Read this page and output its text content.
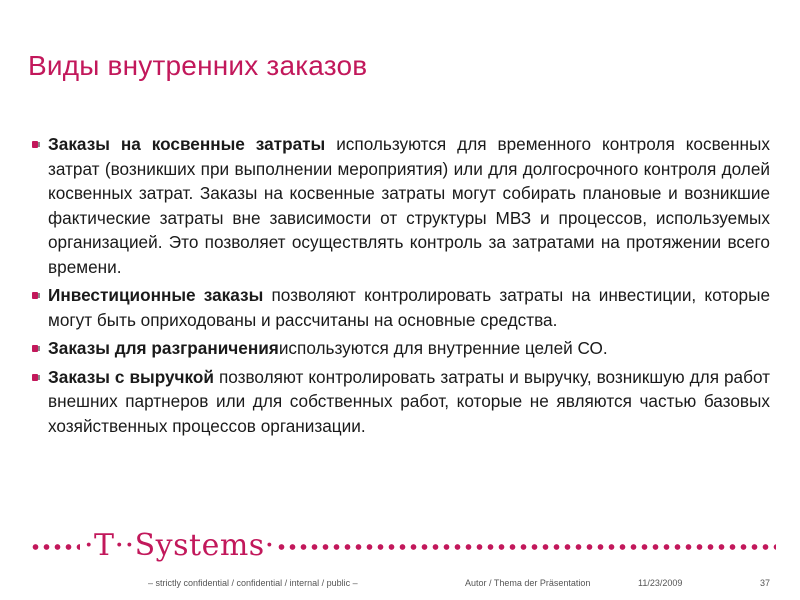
Виды внутренних заказов
Заказы на косвенные затраты используются для временного контроля косвенных затрат (возникших при выполнении мероприятия) или для долгосрочного контроля долей косвенных затрат. Заказы на косвенные затраты могут собирать плановые и возникшие фактические затраты вне зависимости от структуры МВЗ и процессов, используемых организацией. Это позволяет осуществлять контроль за затратами на протяжении всего времени.
Инвестиционные заказы позволяют контролировать затраты на инвестиции, которые могут быть оприходованы и рассчитаны на основные средства.
Заказы для разграниченияиспользуются для внутренние целей СО.
Заказы с выручкой позволяют контролировать затраты и выручку, возникшую для работ внешних партнеров или для собственных работ, которые не являются частью базовых хозяйственных процессов организации.
·T··Systems·
– strictly confidential / confidential / internal / public –	Autor / Thema der Präsentation	11/23/2009	37
